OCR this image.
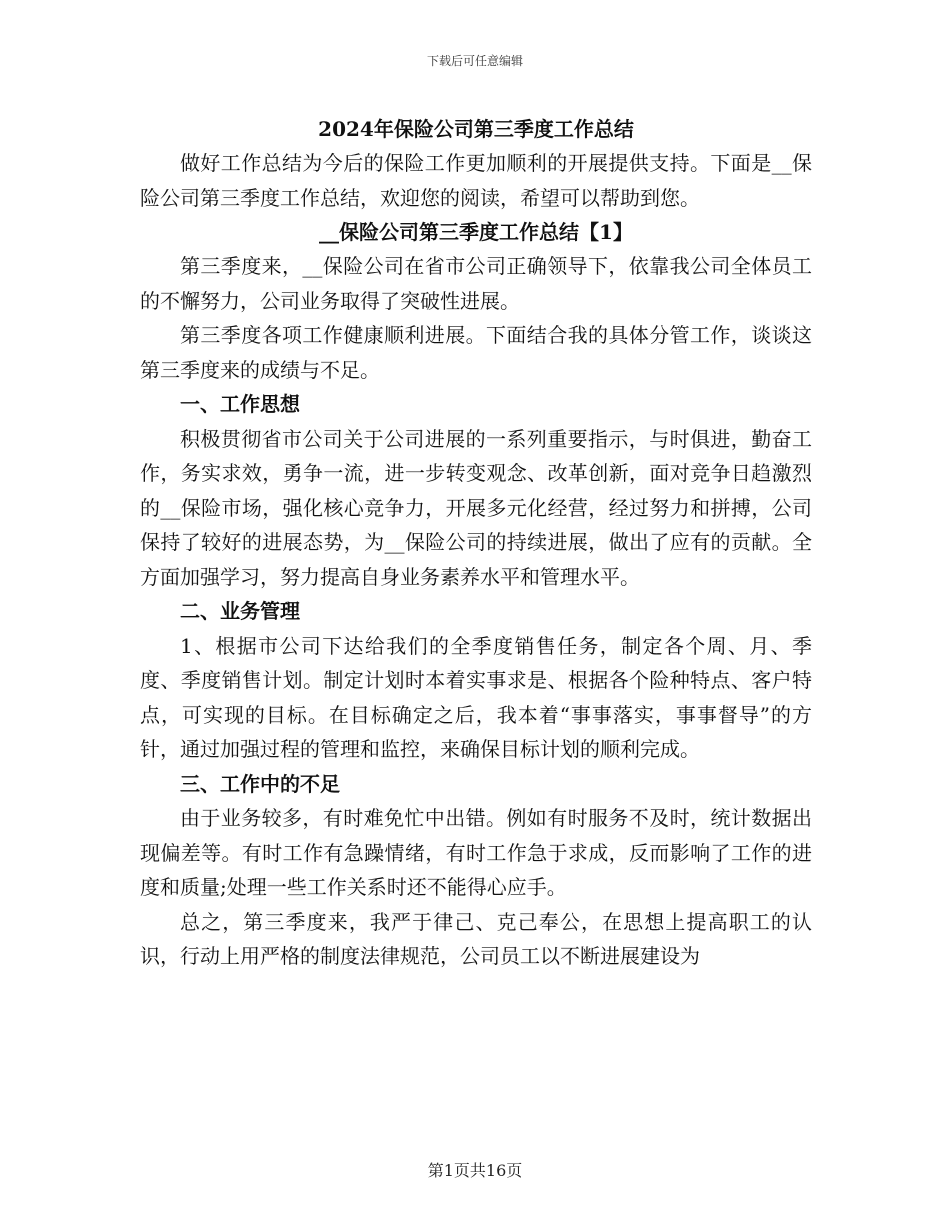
下载后可任意编辑
2024年保险公司第三季度工作总结

做好工作总结为今后的保险工作更加顺利的开展提供支持。下面是__保险公司第三季度工作总结，欢迎您的阅读，希望可以帮助到您。

__保险公司第三季度工作总结【1】

第三季度来，__保险公司在省市公司正确领导下，依靠我公司全体员工的不懈努力，公司业务取得了突破性进展。

第三季度各项工作健康顺利进展。下面结合我的具体分管工作，谈谈这第三季度来的成绩与不足。

一、工作思想

积极贯彻省市公司关于公司进展的一系列重要指示，与时俱进，勤奋工作，务实求效，勇争一流，进一步转变观念、改革创新，面对竞争日趋激烈的__保险市场，强化核心竞争力，开展多元化经营，经过努力和拼搏，公司保持了较好的进展态势，为__保险公司的持续进展，做出了应有的贡献。全方面加强学习，努力提高自身业务素养水平和管理水平。

二、业务管理

1、根据市公司下达给我们的全季度销售任务，制定各个周、月、季度、季度销售计划。制定计划时本着实事求是、根据各个险种特点、客户特点，可实现的目标。在目标确定之后，我本着“事事落实，事事督导”的方针，通过加强过程的管理和监控，来确保目标计划的顺利完成。

三、工作中的不足

由于业务较多，有时难免忙中出错。例如有时服务不及时，统计数据出现偏差等。有时工作有急躁情绪，有时工作急于求成，反而影响了工作的进度和质量;处理一些工作关系时还不能得心应手。

总之，第三季度来，我严于律己、克己奉公，在思想上提高职工的认识，行动上用严格的制度法律规范，公司员工以不断进展建设为

第1页共16页
